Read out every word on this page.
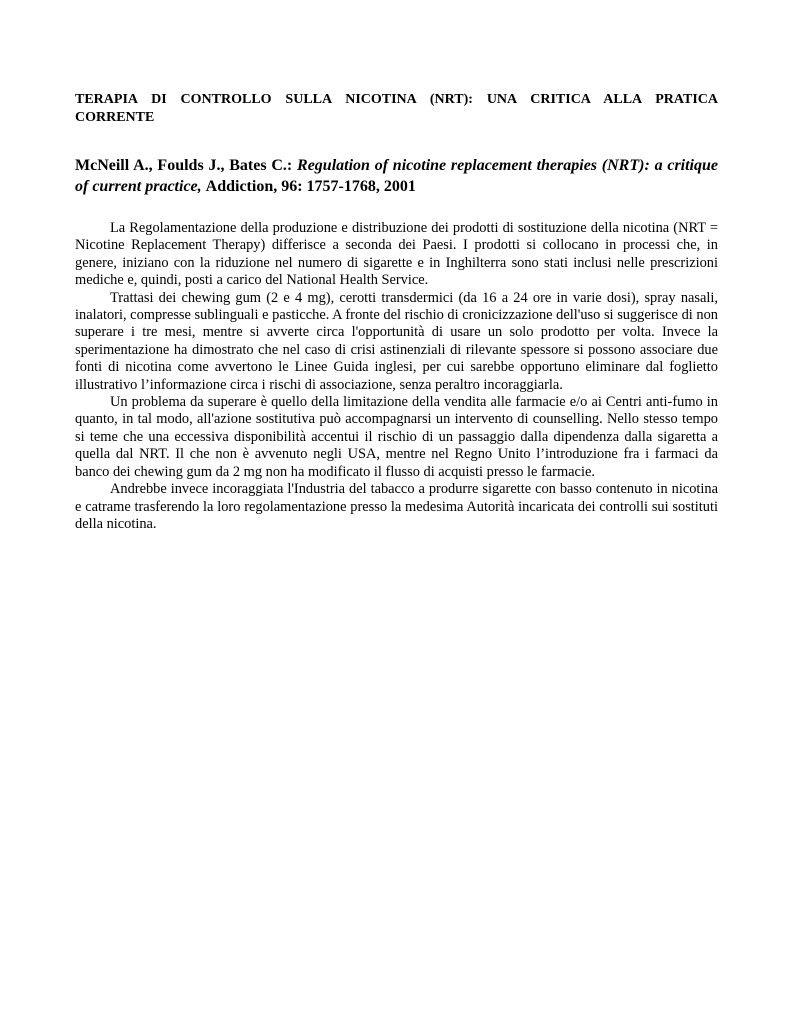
TERAPIA DI CONTROLLO SULLA NICOTINA (NRT): UNA CRITICA ALLA PRATICA CORRENTE
McNeill A., Foulds J., Bates C.: Regulation of nicotine replacement therapies (NRT): a critique of current practice, Addiction, 96: 1757-1768, 2001

La Regolamentazione della produzione e distribuzione dei prodotti di sostituzione della nicotina (NRT = Nicotine Replacement Therapy) differisce a seconda dei Paesi. I prodotti si collocano in processi che, in genere, iniziano con la riduzione nel numero di sigarette e in Inghilterra sono stati inclusi nelle prescrizioni mediche e, quindi, posti a carico del National Health Service.

Trattasi dei chewing gum (2 e 4 mg), cerotti transdermici (da 16 a 24 ore in varie dosi), spray nasali, inalatori, compresse sublinguali e pasticche. A fronte del rischio di cronicizzazione dell'uso si suggerisce di non superare i tre mesi, mentre si avverte circa l'opportunità di usare un solo prodotto per volta. Invece la sperimentazione ha dimostrato che nel caso di crisi astinenziali di rilevante spessore si possono associare due fonti di nicotina come avvertono le Linee Guida inglesi, per cui sarebbe opportuno eliminare dal foglietto illustrativo l’informazione circa i rischi di associazione, senza peraltro incoraggiarla.

Un problema da superare è quello della limitazione della vendita alle farmacie e/o ai Centri anti-fumo in quanto, in tal modo, all'azione sostitutiva può accompagnarsi un intervento di counselling. Nello stesso tempo si teme che una eccessiva disponibilità accentui il rischio di un passaggio dalla dipendenza dalla sigaretta a quella dal NRT. Il che non è avvenuto negli USA, mentre nel Regno Unito l’introduzione fra i farmaci da banco dei chewing gum da 2 mg non ha modificato il flusso di acquisti presso le farmacie.

Andrebbe invece incoraggiata l'Industria del tabacco a produrre sigarette con basso contenuto in nicotina e catrame trasferendo la loro regolamentazione presso la medesima Autorità incaricata dei controlli sui sostituti della nicotina.
